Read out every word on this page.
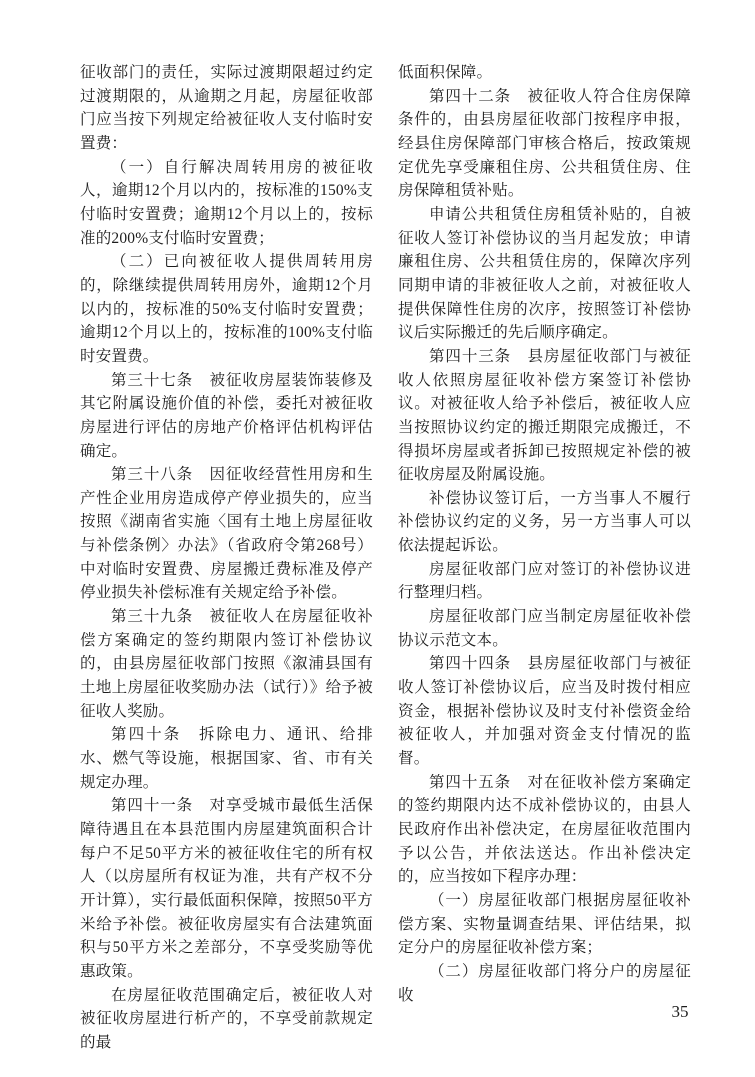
征收部门的责任，实际过渡期限超过约定过渡期限的，从逾期之月起，房屋征收部门应当按下列规定给被征收人支付临时安置费：

（一）自行解决周转用房的被征收人，逾期12个月以内的，按标准的150%支付临时安置费；逾期12个月以上的，按标准的200%支付临时安置费；

（二）已向被征收人提供周转用房的，除继续提供周转用房外，逾期12个月以内的，按标准的50%支付临时安置费；逾期12个月以上的，按标准的100%支付临时安置费。

第三十七条　被征收房屋装饰装修及其它附属设施价值的补偿，委托对被征收房屋进行评估的房地产价格评估机构评估确定。

第三十八条　因征收经营性用房和生产性企业用房造成停产停业损失的，应当按照《湖南省实施〈国有土地上房屋征收与补偿条例〉办法》（省政府令第268号）中对临时安置费、房屋搬迁费标准及停产停业损失补偿标准有关规定给予补偿。

第三十九条　被征收人在房屋征收补偿方案确定的签约期限内签订补偿协议的，由县房屋征收部门按照《溆浦县国有土地上房屋征收奖励办法（试行）》给予被征收人奖励。

第四十条　拆除电力、通讯、给排水、燃气等设施，根据国家、省、市有关规定办理。

第四十一条　对享受城市最低生活保障待遇且在本县范围内房屋建筑面积合计每户不足50平方米的被征收住宅的所有权人（以房屋所有权证为准，共有产权不分开计算），实行最低面积保障，按照50平方米给予补偿。被征收房屋实有合法建筑面积与50平方米之差部分，不享受奖励等优惠政策。

在房屋征收范围确定后，被征收人对被征收房屋进行析产的，不享受前款规定的最

低面积保障。

第四十二条　被征收人符合住房保障条件的，由县房屋征收部门按程序申报，经县住房保障部门审核合格后，按政策规定优先享受廉租住房、公共租赁住房、住房保障租赁补贴。

申请公共租赁住房租赁补贴的，自被征收人签订补偿协议的当月起发放；申请廉租住房、公共租赁住房的，保障次序列同期申请的非被征收人之前，对被征收人提供保障性住房的次序，按照签订补偿协议后实际搬迁的先后顺序确定。

第四十三条　县房屋征收部门与被征收人依照房屋征收补偿方案签订补偿协议。对被征收人给予补偿后，被征收人应当按照协议约定的搬迁期限完成搬迁，不得损坏房屋或者拆卸已按照规定补偿的被征收房屋及附属设施。

补偿协议签订后，一方当事人不履行补偿协议约定的义务，另一方当事人可以依法提起诉讼。

房屋征收部门应对签订的补偿协议进行整理归档。

房屋征收部门应当制定房屋征收补偿协议示范文本。

第四十四条　县房屋征收部门与被征收人签订补偿协议后，应当及时拨付相应资金，根据补偿协议及时支付补偿资金给被征收人，并加强对资金支付情况的监督。

第四十五条　对在征收补偿方案确定的签约期限内达不成补偿协议的，由县人民政府作出补偿决定，在房屋征收范围内予以公告，并依法送达。作出补偿决定的，应当按如下程序办理：

（一）房屋征收部门根据房屋征收补偿方案、实物量调查结果、评估结果，拟定分户的房屋征收补偿方案；

（二）房屋征收部门将分户的房屋征收

35
